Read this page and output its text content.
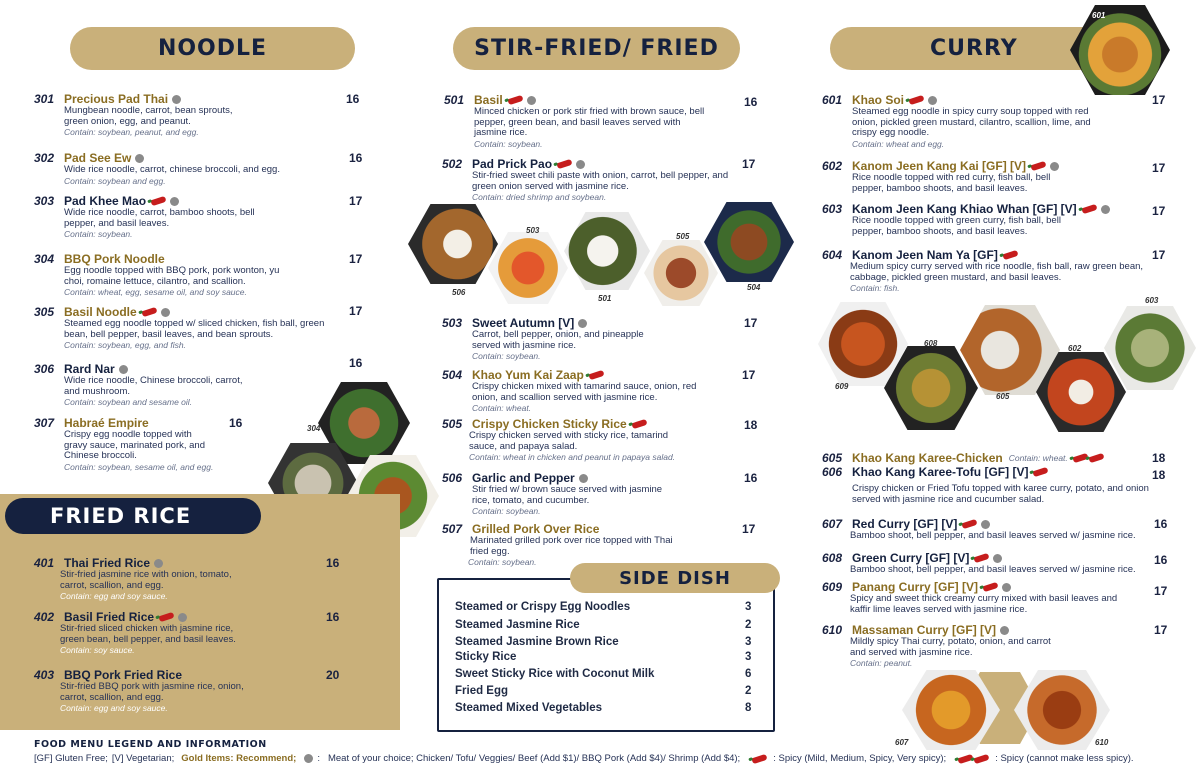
NOODLE
301 Precious Pad Thai	16
Mungbean noodle, carrot, bean sprouts, green onion, egg, and peanut.
Contain: soybean, peanut, and egg.
302 Pad See Ew	16
Wide rice noodle, carrot, chinese broccoli, and egg.
Contain: soybean and egg.
303 Pad Khee Mao	17
Wide rice noodle, carrot, bamboo shoots, bell pepper, and basil leaves.
Contain: soybean.
304 BBQ Pork Noodle	17
Egg noodle topped with BBQ pork, pork wonton, yu choi, romaine lettuce, cilantro, and scallion.
Contain: wheat, egg, sesame oil, and soy sauce.
305 Basil Noodle	17
Steamed egg noodle topped w/ sliced chicken, fish ball, green bean, bell pepper, basil leaves, and bean sprouts.
Contain: soybean, egg, and fish.
306 Rard Nar	16
Wide rice noodle, Chinese broccoli, carrot, and mushroom.
Contain: soybean and sesame oil.
307 Habraé Empire	16
Crispy egg noodle topped with gravy sauce, marinated pork, and Chinese broccoli.
Contain: soybean, sesame oil, and egg.
304
FRIED RICE
401 Thai Fried Rice	16
Stir-fried jasmine rice with onion, tomato, carrot, scallion, and egg.
Contain: egg and soy sauce.
402 Basil Fried Rice	16
Stir-fried sliced chicken with jasmine rice, green bean, bell pepper, and basil leaves.
Contain: soy sauce.
403 BBQ Pork Fried Rice	20
Stir-fried BBQ pork with jasmine rice, onion, carrot, scallion, and egg.
Contain: egg and soy sauce.
STIR-FRIED/ FRIED
501 Basil	16
Minced chicken or pork stir fried with brown sauce, bell pepper, green bean, and basil leaves served with jasmine rice.
Contain: soybean.
502 Pad Prick Pao	17
Stir-fried sweet chili paste with onion, carrot, bell pepper, and green onion served with jasmine rice.
Contain: dried shrimp and soybean.
506
503
501
505
504
503 Sweet Autumn [V]	17
Carrot, bell pepper, onion, and pineapple served with jasmine rice.
Contain: soybean.
504 Khao Yum Kai Zaap	17
Crispy chicken mixed with tamarind sauce, onion, red onion, and scallion served with jasmine rice.
Contain: wheat.
505 Crispy Chicken Sticky Rice	18
Crispy chicken served with sticky rice, tamarind sauce, and papaya salad.
Contain: wheat in chicken and peanut in papaya salad.
506 Garlic and Pepper	16
Stir fried w/ brown sauce served with jasmine rice, tomato, and cucumber.
Contain: soybean.
507 Grilled Pork Over Rice	17
Marinated grilled pork over rice topped with Thai fried egg.
Contain: soybean.
SIDE DISH
Steamed or Crispy Egg Noodles	3
Steamed Jasmine Rice	2
Steamed Jasmine Brown Rice	3
Sticky Rice	3
Sweet Sticky Rice with Coconut Milk	6
Fried Egg	2
Steamed Mixed Vegetables	8
CURRY
601
601 Khao Soi	17
Steamed egg noodle in spicy curry soup topped with red onion, pickled green mustard, cilantro, scallion, lime, and crispy egg noodle.
Contain: wheat and egg.
602 Kanom Jeen Kang Kai [GF] [V]	17
Rice noodle topped with red curry, fish ball, bell pepper, bamboo shoots, and basil leaves.
603 Kanom Jeen Kang Khiao Whan [GF] [V]	17
Rice noodle topped with green curry, fish ball, bell pepper, bamboo shoots, and basil leaves.
604 Kanom Jeen Nam Ya [GF]	17
Medium spicy curry served with rice noodle, fish ball, raw green bean, cabbage, pickled green mustard, and basil leaves.
Contain: fish.
609
608
605
602
603
605 Khao Kang Karee-Chicken Contain: wheat.	18
606 Khao Kang Karee-Tofu [GF] [V]	18
Crispy chicken or Fried Tofu topped with karee curry, potato, and onion served with jasmine rice and cucumber salad.
607 Red Curry [GF] [V]	16
Bamboo shoot, bell pepper, and basil leaves served w/ jasmine rice.
608 Green Curry [GF] [V]	16
Bamboo shoot, bell pepper, and basil leaves served w/ jasmine rice.
609 Panang Curry [GF] [V]	17
Spicy and sweet thick creamy curry mixed with basil leaves and kaffir lime leaves served with jasmine rice.
610 Massaman Curry [GF] [V]	17
Mildly spicy Thai curry, potato, onion, and carrot and served with jasmine rice.
Contain: peanut.
607	610
FOOD MENU LEGEND AND INFORMATION
[GF] Gluten Free; [V] Vegetarian; Gold Items: Recommend; : Meat of your choice; Chicken/ Tofu/ Veggies/ Beef (Add $1)/ BBQ Pork (Add $4)/ Shrimp (Add $4);	: Spicy (Mild, Medium, Spicy, Very spicy);	: Spicy (cannot make less spicy).
